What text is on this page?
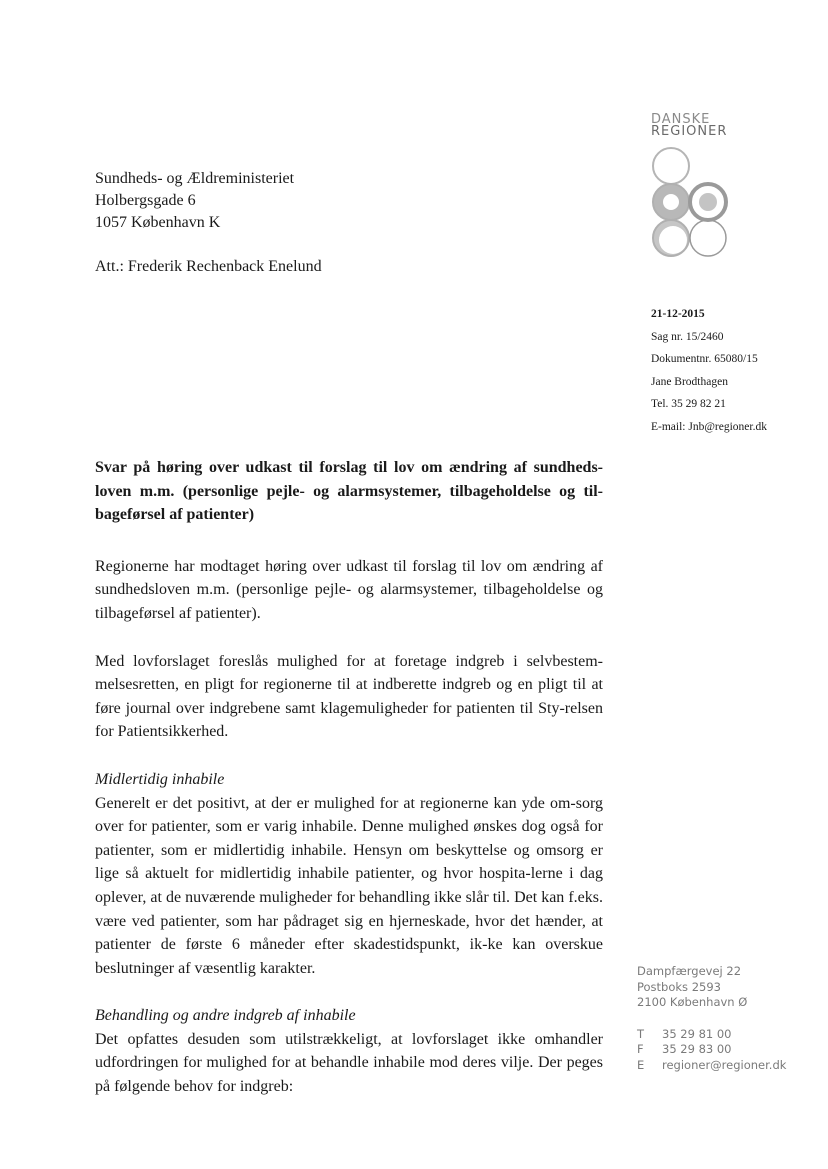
DANSKE
REGIONER
Sundheds- og Ældreministeriet
Holbergsgade 6
1057 København K
Att.: Frederik Rechenback Enelund
21-12-2015
Sag nr. 15/2460
Dokumentnr. 65080/15
Jane Brodthagen
Tel. 35 29 82 21
E-mail: Jnb@regioner.dk
Svar på høring over udkast til forslag til lov om ændring af sundheds-loven m.m. (personlige pejle- og alarmsystemer, tilbageholdelse og til-bageførsel af patienter)

Regionerne har modtaget høring over udkast til forslag til lov om ændring af sundhedsloven m.m. (personlige pejle- og alarmsystemer, tilbageholdelse og tilbageførsel af patienter).

Med lovforslaget foreslås mulighed for at foretage indgreb i selvbestem-melsesretten, en pligt for regionerne til at indberette indgreb og en pligt til at føre journal over indgrebene samt klagemuligheder for patienten til Sty-relsen for Patientsikkerhed.

Midlertidig inhabile

Generelt er det positivt, at der er mulighed for at regionerne kan yde om-sorg over for patienter, som er varig inhabile. Denne mulighed ønskes dog også for patienter, som er midlertidig inhabile. Hensyn om beskyttelse og omsorg er lige så aktuelt for midlertidig inhabile patienter, og hvor hospita-lerne i dag oplever, at de nuværende muligheder for behandling ikke slår til. Det kan f.eks. være ved patienter, som har pådraget sig en hjerneskade, hvor det hænder, at patienter de første 6 måneder efter skadestidspunkt, ik-ke kan overskue beslutninger af væsentlig karakter.

Behandling og andre indgreb af inhabile

Det opfattes desuden som utilstrækkeligt, at lovforslaget ikke omhandler udfordringen for mulighed for at behandle inhabile mod deres vilje. Der peges på følgende behov for indgreb:

Dampfærgevej 22
Postboks 2593
2100 København Ø
T 35 29 81 00
F 35 29 83 00
E regioner@regioner.dk
